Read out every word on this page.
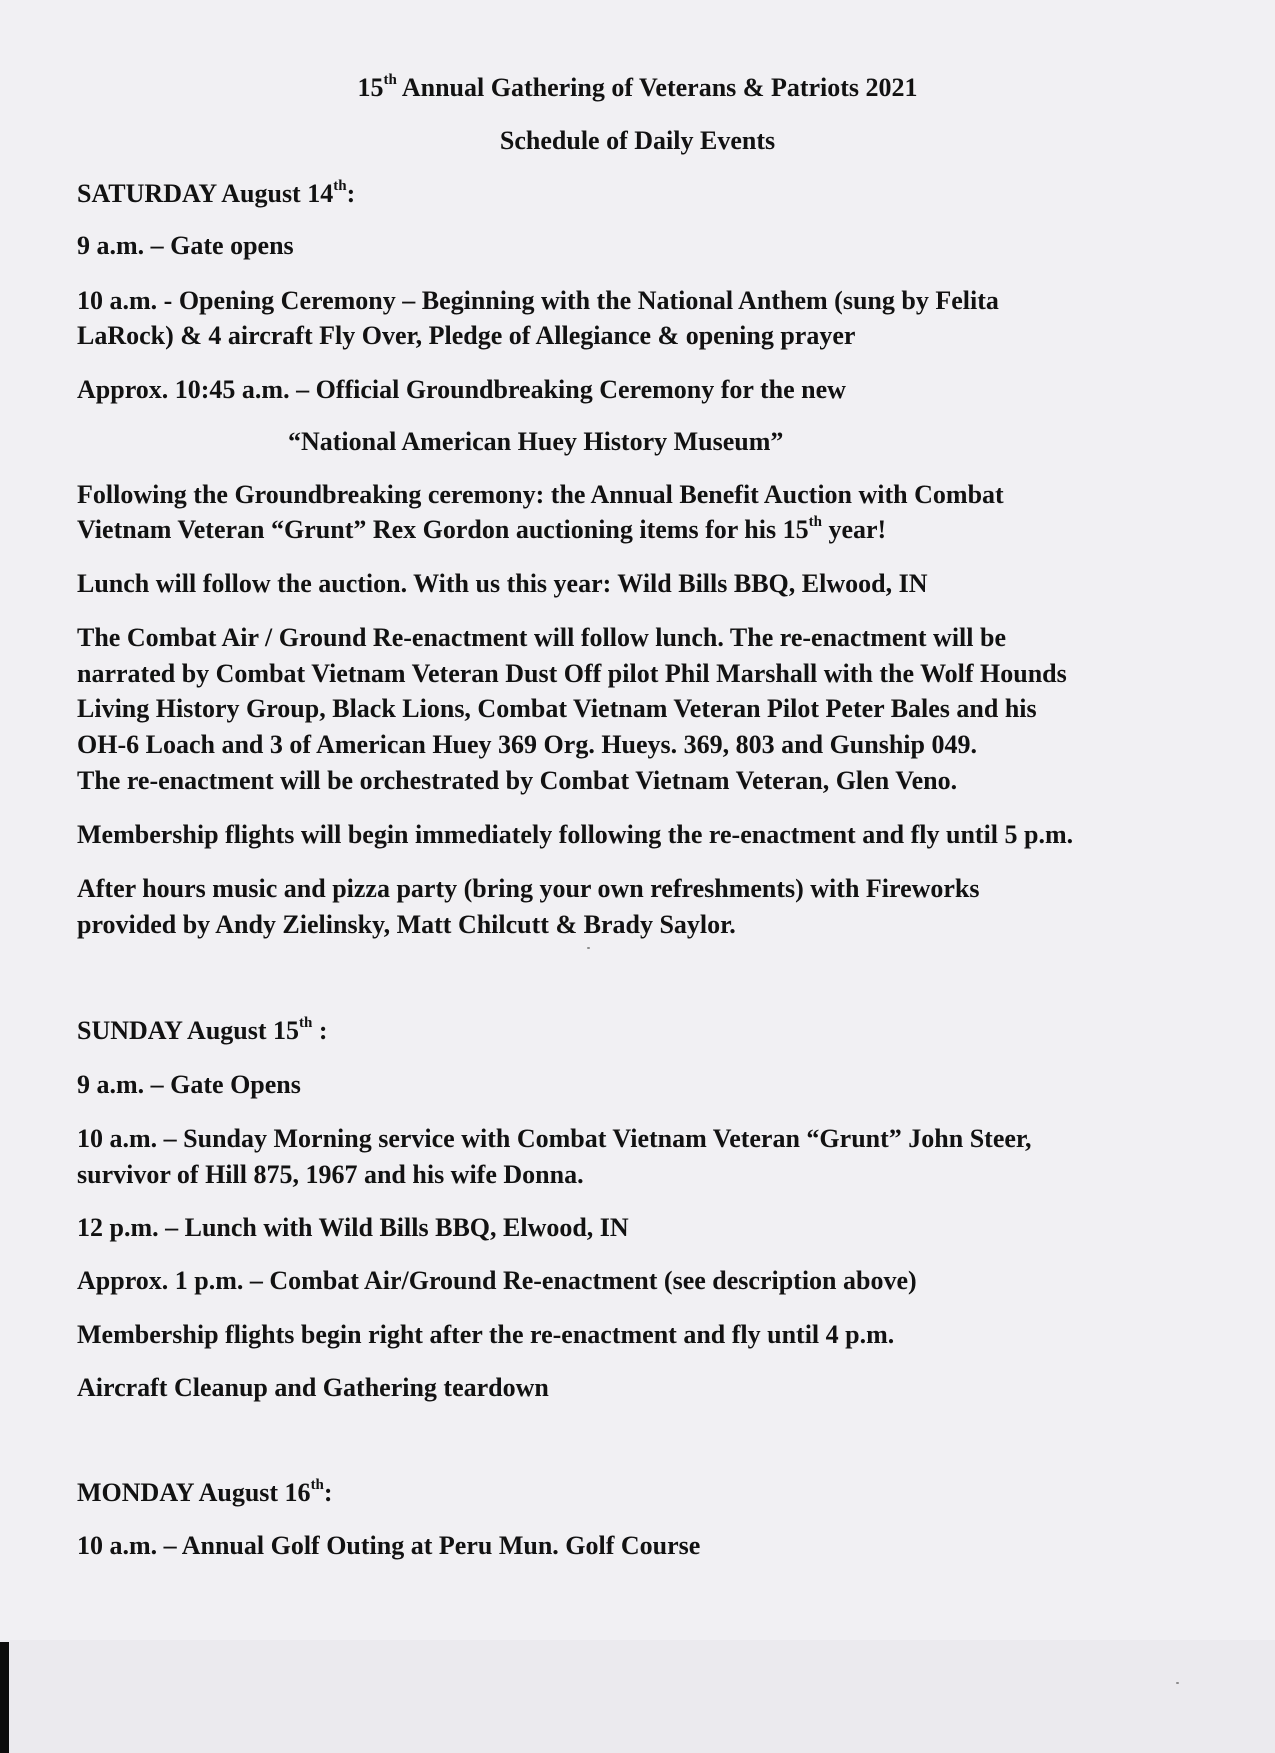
15th Annual Gathering of Veterans & Patriots 2021
Schedule of Daily Events
SATURDAY August 14th:
9 a.m. – Gate opens
10 a.m. - Opening Ceremony – Beginning with the National Anthem (sung by Felita
LaRock) & 4 aircraft Fly Over, Pledge of Allegiance & opening prayer
Approx. 10:45 a.m. – Official Groundbreaking Ceremony for the new
“National American Huey History Museum”
Following the Groundbreaking ceremony: the Annual Benefit Auction with Combat
Vietnam Veteran “Grunt” Rex Gordon auctioning items for his 15th year!
Lunch will follow the auction. With us this year: Wild Bills BBQ, Elwood, IN
The Combat Air / Ground Re-enactment will follow lunch. The re-enactment will be
narrated by Combat Vietnam Veteran Dust Off pilot Phil Marshall with the Wolf Hounds
Living History Group, Black Lions, Combat Vietnam Veteran Pilot Peter Bales and his
OH-6 Loach and 3 of American Huey 369 Org. Hueys. 369, 803 and Gunship 049.
The re-enactment will be orchestrated by Combat Vietnam Veteran, Glen Veno.
Membership flights will begin immediately following the re-enactment and fly until 5 p.m.
After hours music and pizza party (bring your own refreshments) with Fireworks
provided by Andy Zielinsky, Matt Chilcutt & Brady Saylor.
SUNDAY August 15th :
9 a.m. – Gate Opens
10 a.m. – Sunday Morning service with Combat Vietnam Veteran “Grunt” John Steer,
survivor of Hill 875, 1967 and his wife Donna.
12 p.m. – Lunch with Wild Bills BBQ, Elwood, IN
Approx. 1 p.m. – Combat Air/Ground Re-enactment (see description above)
Membership flights begin right after the re-enactment and fly until 4 p.m.
Aircraft Cleanup and Gathering teardown
MONDAY August 16th:
10 a.m. – Annual Golf Outing at Peru Mun. Golf Course
